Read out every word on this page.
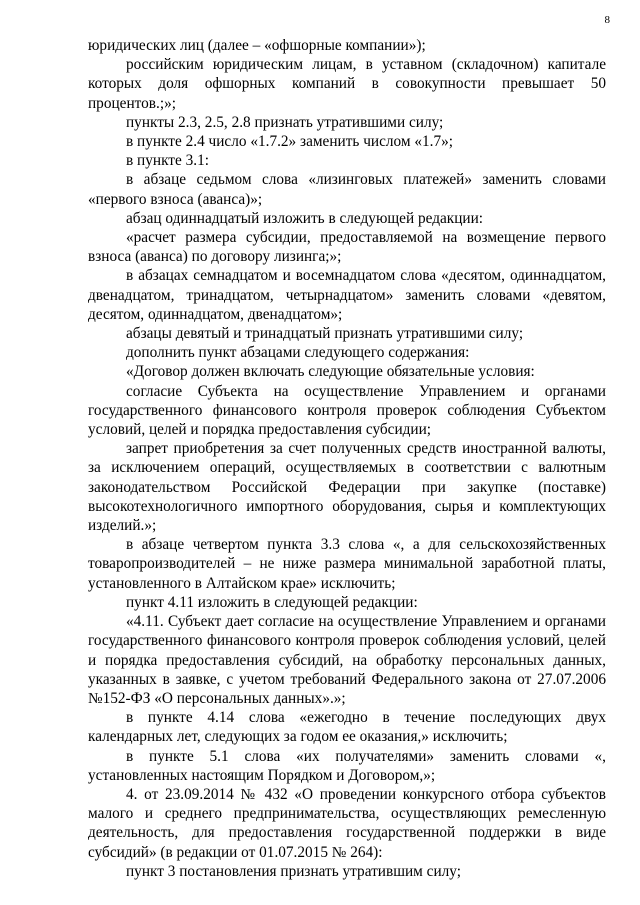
8

юридических лиц (далее – «офшорные компании»);

российским юридическим лицам, в уставном (складочном) капитале которых доля офшорных компаний в совокупности превышает 50 процентов.;»;

пункты 2.3, 2.5, 2.8 признать утратившими силу;

в пункте 2.4 число «1.7.2» заменить числом «1.7»;

в пункте 3.1:

в абзаце седьмом слова «лизинговых платежей» заменить словами «первого взноса (аванса)»;

абзац одиннадцатый изложить в следующей редакции:

«расчет размера субсидии, предоставляемой на возмещение первого взноса (аванса) по договору лизинга;»;

в абзацах семнадцатом и восемнадцатом слова «десятом, одиннадцатом, двенадцатом, тринадцатом, четырнадцатом» заменить словами «девятом, десятом, одиннадцатом, двенадцатом»;

абзацы девятый и тринадцатый признать утратившими силу;

дополнить пункт абзацами следующего содержания:

«Договор должен включать следующие обязательные условия:

согласие Субъекта на осуществление Управлением и органами государственного финансового контроля проверок соблюдения Субъектом условий, целей и порядка предоставления субсидии;

запрет приобретения за счет полученных средств иностранной валюты, за исключением операций, осуществляемых в соответствии с валютным законодательством Российской Федерации при закупке (поставке) высокотехнологичного импортного оборудования, сырья и комплектующих изделий.»;

в абзаце четвертом пункта 3.3 слова «, а для сельскохозяйственных товаропроизводителей – не ниже размера минимальной заработной платы, установленного в Алтайском крае» исключить;

пункт 4.11 изложить в следующей редакции:

«4.11. Субъект дает согласие на осуществление Управлением и органами государственного финансового контроля проверок соблюдения условий, целей и порядка предоставления субсидий, на обработку персональных данных, указанных в заявке, с учетом требований Федерального закона от 27.07.2006 №152-ФЗ «О персональных данных».»;

в пункте 4.14 слова «ежегодно в течение последующих двух календарных лет, следующих за годом ее оказания,» исключить;

в пункте 5.1 слова «их получателями» заменить словами «, установленных настоящим Порядком и Договором,»;

4. от 23.09.2014 № 432 «О проведении конкурсного отбора субъектов малого и среднего предпринимательства, осуществляющих ремесленную деятельность, для предоставления государственной поддержки в виде субсидий» (в редакции от 01.07.2015 № 264):

пункт 3 постановления признать утратившим силу;
